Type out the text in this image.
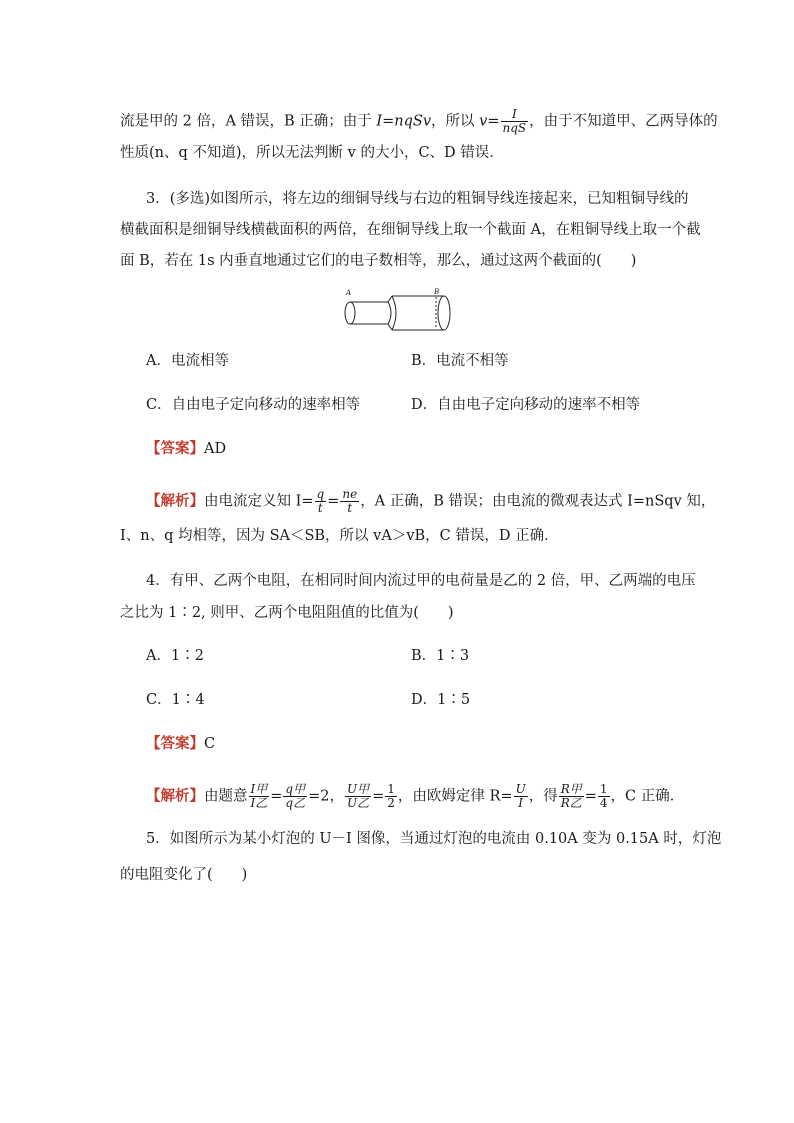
流是甲的 2 倍，A 错误，B 正确；由于 I=nqSv，所以 $v= \frac{I}{\text{nqS}}$ ，由于不知道甲、乙两导体的
性质(n、q 不知道)，所以无法判断 v 的大小，C、D 错误．
3．(多选)如图所示，将左边的细铜导线与右边的粗铜导线连接起来，已知粗铜导线的
横截面积是细铜导线横截面积的两倍，在细铜导线上取一个截面 A，在粗铜导线上取一个截
面 B，若在 1s 内垂直地通过它们的电子数相等，那么，通过这两个截面的(　　)
A	B
A．电流相等	B．电流不相等
C．自由电子定向移动的速率相等	D．自由电子定向移动的速率不相等
【答案】AD
【解析】由电流定义知 $I= \frac{q}{t} = \frac{ne}{t}$ ，A 正确，B 错误；由电流的微观表达式 I=nSqv 知，
I、n、q 均相等，因为 SA＜SB，所以 vA＞vB，C 错误，D 正确．
4．有甲、乙两个电阻，在相同时间内流过甲的电荷量是乙的 2 倍，甲、乙两端的电压
之比为 1∶2, 则甲、乙两个电阻阻值的比值为(　　)
A．1∶2	B．1∶3
C．1∶4	D．1∶5
【答案】C
【解析】由题意 $\frac{\text{I甲}}{\text{I乙}} = \frac{\text{q甲}}{\text{q乙}} =2$， $\frac{\text{U甲}}{\text{U乙}} = \frac{1}{2}$ ，由欧姆定律 $R= \frac{U}{I}$ ，得 $\frac{\text{R甲}}{\text{R乙}} = \frac{1}{4}$ ，C 正确．
5．如图所示为某小灯泡的 U－I 图像，当通过灯泡的电流由 0.10A 变为 0.15A 时，灯泡
的电阻变化了(　　)
